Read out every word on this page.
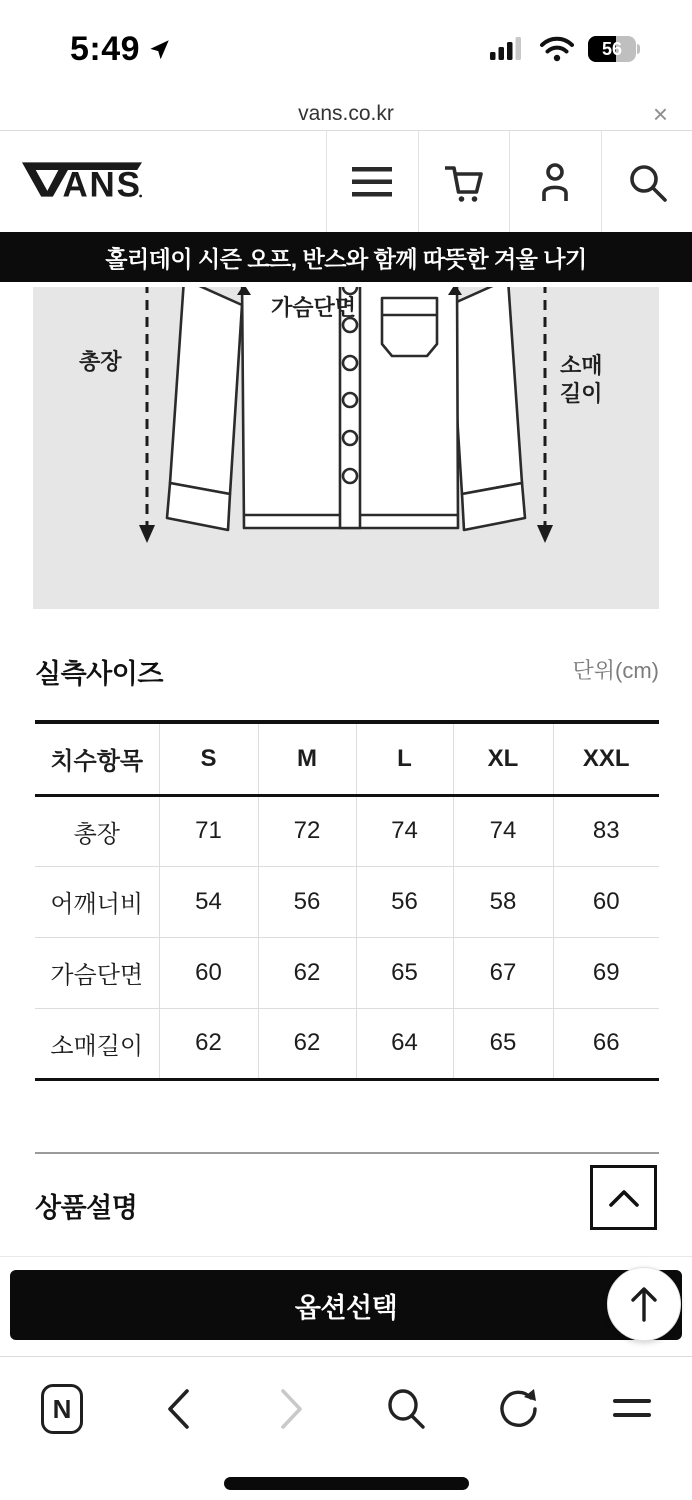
5:49	56
vans.co.kr	×
ANS
홀리데이 시즌 오프, 반스와 함께 따뜻한 겨울 나기
총장
가슴단면
소매
길이
실측사이즈	단위(cm)
치수항목	S	M	L	XL	XXL
총장	71	72	74	74	83
어깨너비	54	56	56	58	60
가슴단면	60	62	65	67	69
소매길이	62	62	64	65	66
상품설명
옵션선택
N
